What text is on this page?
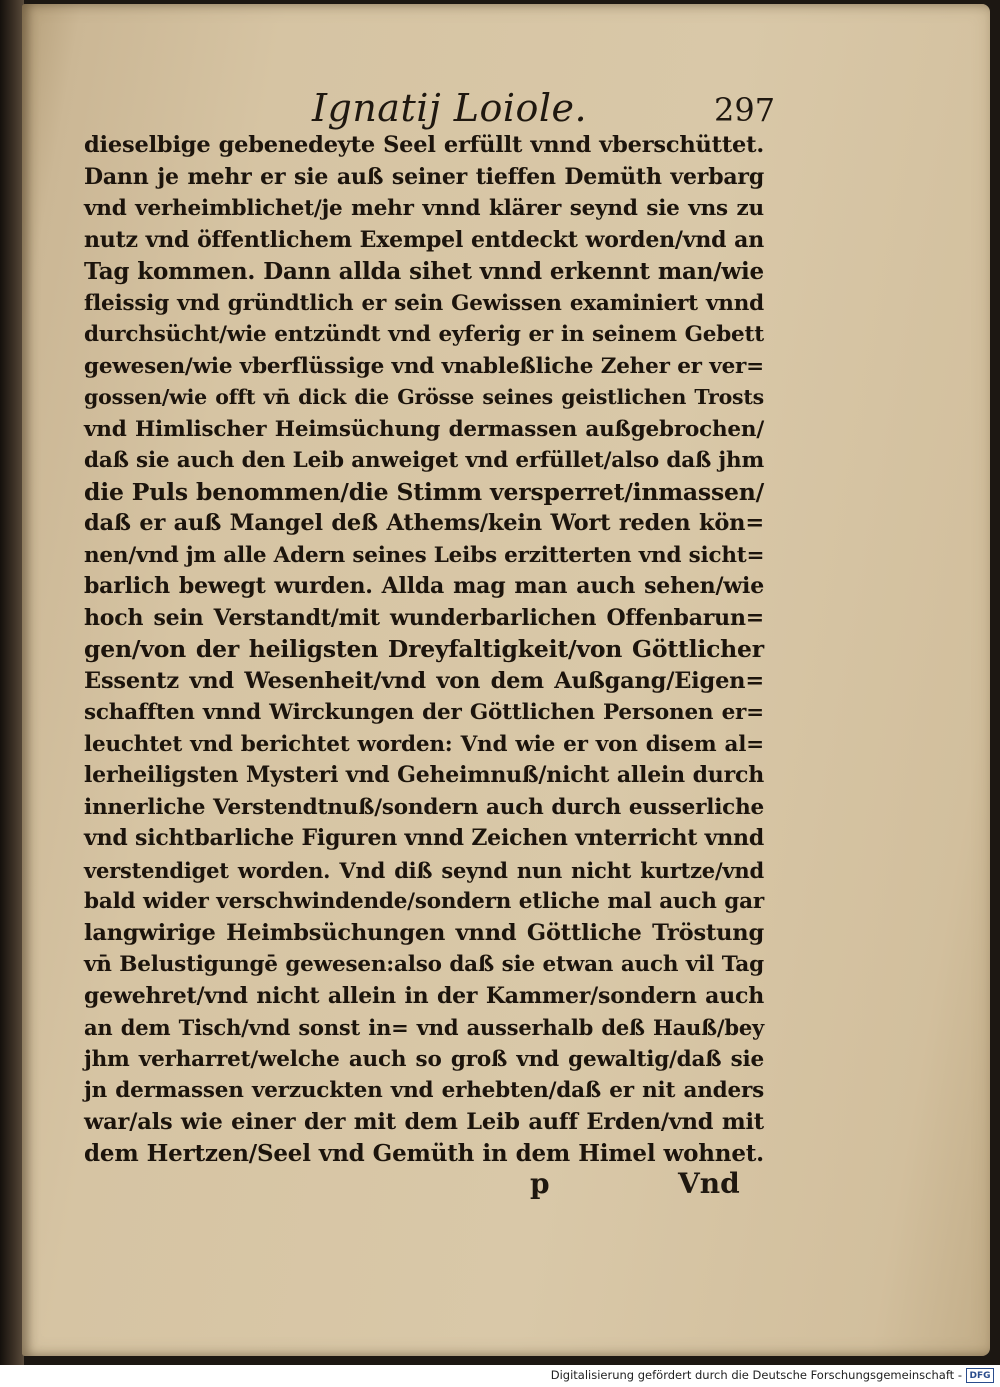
Ignatij Loiole.	297
dieselbige gebenedeyte Seel erfüllt vnnd vberschüttet.
Dann je mehr er sie auß seiner tieffen Demüth verbarg
vnd verheimblichet/je mehr vnnd klärer seynd sie vns zu
nutz vnd öffentlichem Exempel entdeckt worden/vnd an
Tag kommen. Dann allda sihet vnnd erkennt man/wie
fleissig vnd gründtlich er sein Gewissen examiniert vnnd
durchsücht/wie entzündt vnd eyferig er in seinem Gebett
gewesen/wie vberflüssige vnd vnableßliche Zeher er ver=
gossen/wie offt vn̄ dick die Grösse seines geistlichen Trosts
vnd Himlischer Heimsüchung dermassen außgebrochen/
daß sie auch den Leib anweiget vnd erfüllet/also daß jhm
die Puls benommen/die Stimm versperret/inmassen/
daß er auß Mangel deß Athems/kein Wort reden kön=
nen/vnd jm alle Adern seines Leibs erzitterten vnd sicht=
barlich bewegt wurden. Allda mag man auch sehen/wie
hoch sein Verstandt/mit wunderbarlichen Offenbarun=
gen/von der heiligsten Dreyfaltigkeit/von Göttlicher
Essentz vnd Wesenheit/vnd von dem Außgang/Eigen=
schafften vnnd Wirckungen der Göttlichen Personen er=
leuchtet vnd berichtet worden: Vnd wie er von disem al=
lerheiligsten Mysteri vnd Geheimnuß/nicht allein durch
innerliche Verstendtnuß/sondern auch durch eusserliche
vnd sichtbarliche Figuren vnnd Zeichen vnterricht vnnd
verstendiget worden. Vnd diß seynd nun nicht kurtze/vnd
bald wider verschwindende/sondern etliche mal auch gar
langwirige Heimbsüchungen vnnd Göttliche Tröstung
vn̄ Belustigungē gewesen:also daß sie etwan auch vil Tag
gewehret/vnd nicht allein in der Kammer/sondern auch
an dem Tisch/vnd sonst in= vnd ausserhalb deß Hauß/bey
jhm verharret/welche auch so groß vnd gewaltig/daß sie
jn dermassen verzuckten vnd erhebten/daß er nit anders
war/als wie einer der mit dem Leib auff Erden/vnd mit
dem Hertzen/Seel vnd Gemüth in dem Himel wohnet.
p	Vnd
Digitalisierung gefördert durch die Deutsche Forschungsgemeinschaft - DFG
